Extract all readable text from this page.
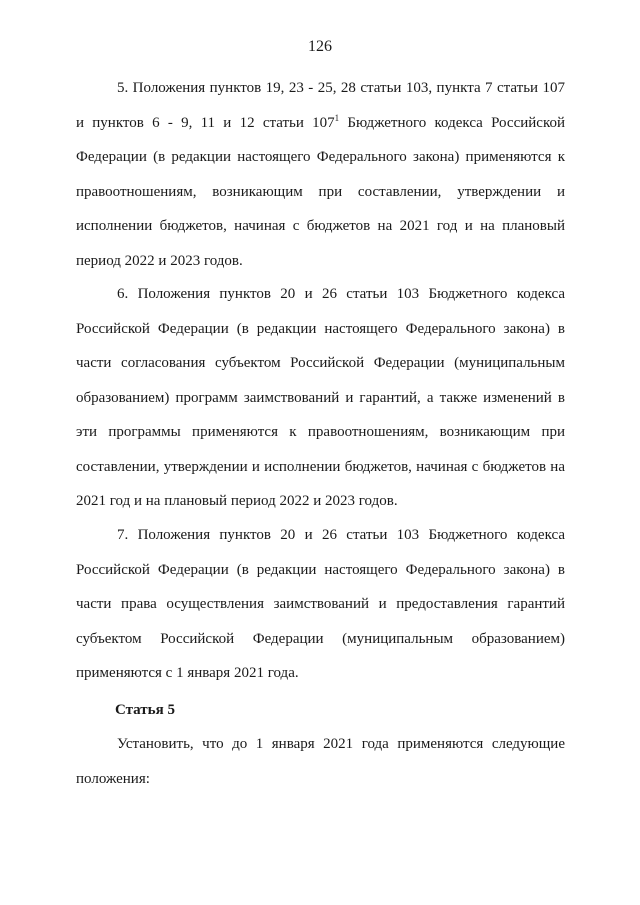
126

5. Положения пунктов 19, 23 - 25, 28 статьи 103, пункта 7 статьи 107 и пунктов 6 - 9, 11 и 12 статьи $107^1$ Бюджетного кодекса Российской Федерации (в редакции настоящего Федерального закона) применяются к правоотношениям, возникающим при составлении, утверждении и исполнении бюджетов, начиная с бюджетов на 2021 год и на плановый период 2022 и 2023 годов.

6. Положения пунктов 20 и 26 статьи 103 Бюджетного кодекса Российской Федерации (в редакции настоящего Федерального закона) в части согласования субъектом Российской Федерации (муниципальным образованием) программ заимствований и гарантий, а также изменений в эти программы применяются к правоотношениям, возникающим при составлении, утверждении и исполнении бюджетов, начиная с бюджетов на 2021 год и на плановый период 2022 и 2023 годов.

7. Положения пунктов 20 и 26 статьи 103 Бюджетного кодекса Российской Федерации (в редакции настоящего Федерального закона) в части права осуществления заимствований и предоставления гарантий субъектом Российской Федерации (муниципальным образованием) применяются с 1 января 2021 года.

Статья 5

Установить, что до 1 января 2021 года применяются следующие положения:
